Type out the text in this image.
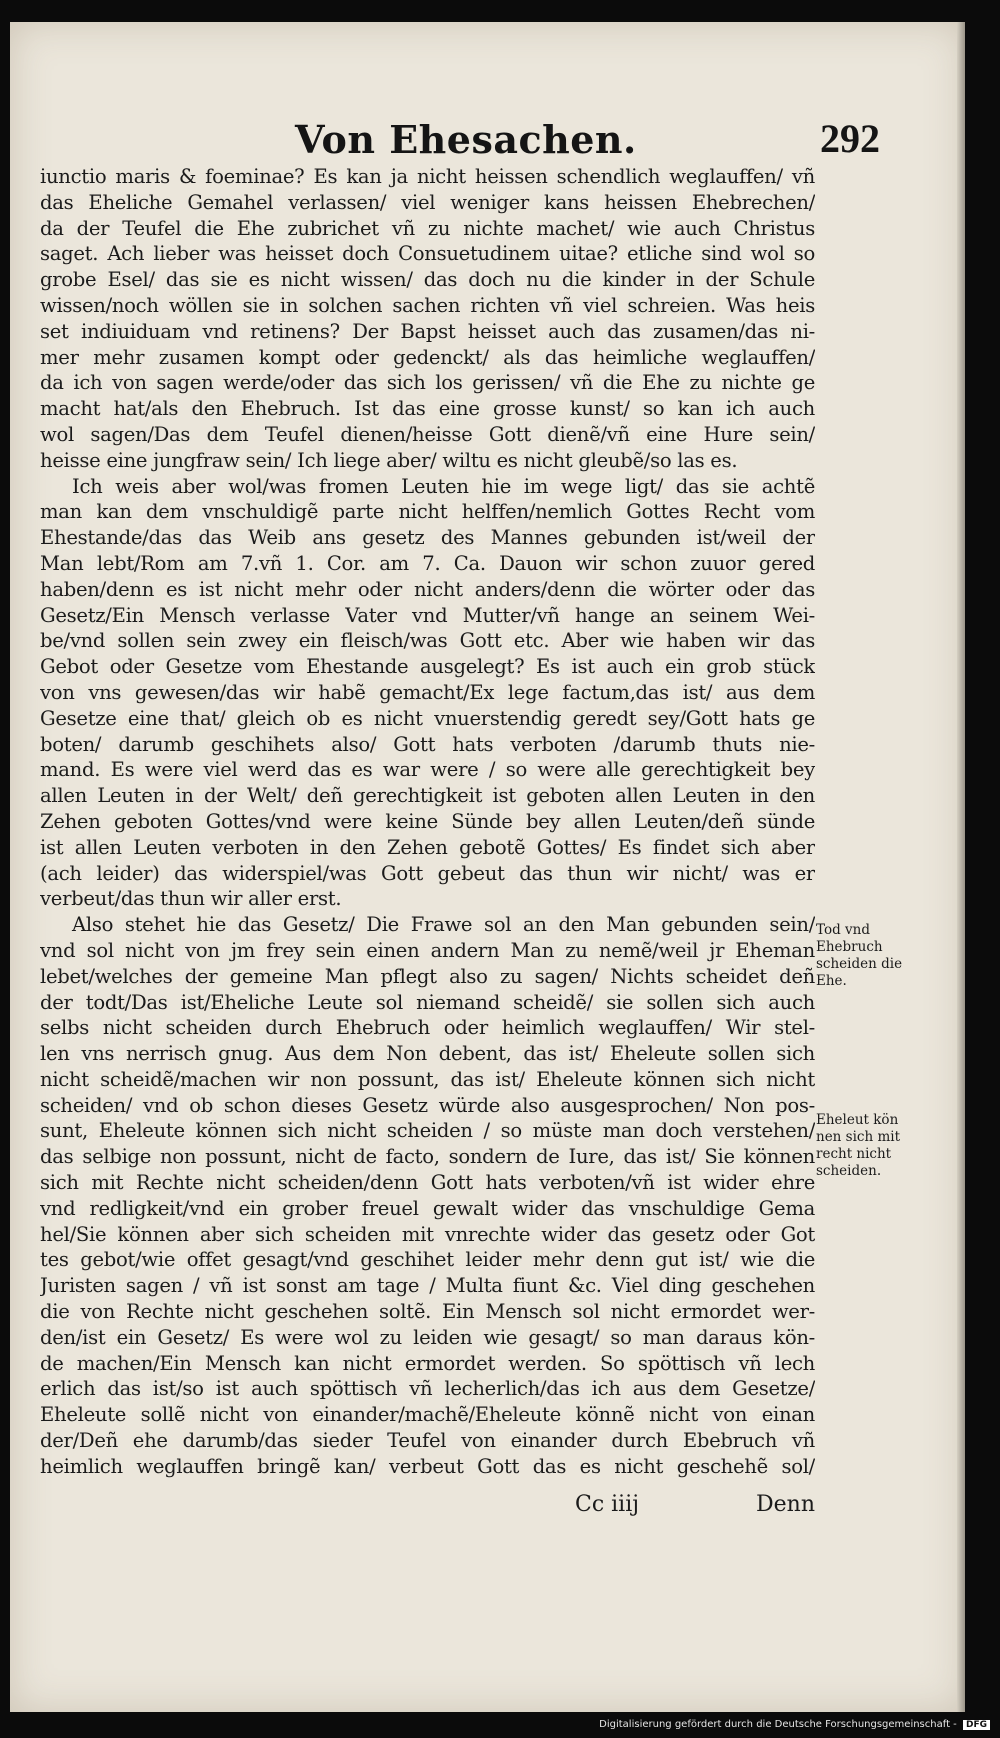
Von Ehesachen.	292
iunctio maris & foeminae? Es kan ja nicht heissen schendlich weglauffen/ vñ
das Eheliche Gemahel verlassen/ viel weniger kans heissen Ehebrechen/
da der Teufel die Ehe zubrichet vñ zu nichte machet/ wie auch Christus
saget. Ach lieber was heisset doch Consuetudinem uitae? etliche sind wol so
grobe Esel/ das sie es nicht wissen/ das doch nu die kinder in der Schule
wissen/noch wöllen sie in solchen sachen richten vñ viel schreien. Was heis
set indiuiduam vnd retinens? Der Bapst heisset auch das zusamen/das ni-
mer mehr zusamen kompt oder gedenckt/ als das heimliche weglauffen/
da ich von sagen werde/oder das sich los gerissen/ vñ die Ehe zu nichte ge
macht hat/als den Ehebruch. Ist das eine grosse kunst/ so kan ich auch
wol sagen/Das dem Teufel dienen/heisse Gott dienẽ/vñ eine Hure sein/
heisse eine jungfraw sein/ Ich liege aber/ wiltu es nicht gleubẽ/so las es.
Ich weis aber wol/was fromen Leuten hie im wege ligt/ das sie achtẽ
man kan dem vnschuldigẽ parte nicht helffen/nemlich Gottes Recht vom
Ehestande/das das Weib ans gesetz des Mannes gebunden ist/weil der
Man lebt/Rom am 7.vñ 1. Cor. am 7. Ca. Dauon wir schon zuuor gered
haben/denn es ist nicht mehr oder nicht anders/denn die wörter oder das
Gesetz/Ein Mensch verlasse Vater vnd Mutter/vñ hange an seinem Wei-
be/vnd sollen sein zwey ein fleisch/was Gott etc. Aber wie haben wir das
Gebot oder Gesetze vom Ehestande ausgelegt? Es ist auch ein grob stück
von vns gewesen/das wir habẽ gemacht/Ex lege factum,das ist/ aus dem
Gesetze eine that/ gleich ob es nicht vnuerstendig geredt sey/Gott hats ge
boten/ darumb geschihets also/ Gott hats verboten /darumb thuts nie-
mand. Es were viel werd das es war were / so were alle gerechtigkeit bey
allen Leuten in der Welt/ deñ gerechtigkeit ist geboten allen Leuten in den
Zehen geboten Gottes/vnd were keine Sünde bey allen Leuten/deñ sünde
ist allen Leuten verboten in den Zehen gebotẽ Gottes/ Es findet sich aber
(ach leider) das widerspiel/was Gott gebeut das thun wir nicht/ was er
verbeut/das thun wir aller erst.
Also stehet hie das Gesetz/ Die Frawe sol an den Man gebunden sein/
vnd sol nicht von jm frey sein einen andern Man zu nemẽ/weil jr Eheman
lebet/welches der gemeine Man pflegt also zu sagen/ Nichts scheidet deñ
der todt/Das ist/Eheliche Leute sol niemand scheidẽ/ sie sollen sich auch
selbs nicht scheiden durch Ehebruch oder heimlich weglauffen/ Wir stel-
len vns nerrisch gnug. Aus dem Non debent, das ist/ Eheleute sollen sich
nicht scheidẽ/machen wir non possunt, das ist/ Eheleute können sich nicht
scheiden/ vnd ob schon dieses Gesetz würde also ausgesprochen/ Non pos-
sunt, Eheleute können sich nicht scheiden / so müste man doch verstehen/
das selbige non possunt, nicht de facto, sondern de Iure, das ist/ Sie können
sich mit Rechte nicht scheiden/denn Gott hats verboten/vñ ist wider ehre
vnd redligkeit/vnd ein grober freuel gewalt wider das vnschuldige Gema
hel/Sie können aber sich scheiden mit vnrechte wider das gesetz oder Got
tes gebot/wie offet gesagt/vnd geschihet leider mehr denn gut ist/ wie die
Juristen sagen / vñ ist sonst am tage / Multa fiunt &c. Viel ding geschehen
die von Rechte nicht geschehen soltẽ. Ein Mensch sol nicht ermordet wer-
den/ist ein Gesetz/ Es were wol zu leiden wie gesagt/ so man daraus kön-
de machen/Ein Mensch kan nicht ermordet werden. So spöttisch vñ lech
erlich das ist/so ist auch spöttisch vñ lecherlich/das ich aus dem Gesetze/
Eheleute sollẽ nicht von einander/machẽ/Eheleute könnẽ nicht von einan
der/Deñ ehe darumb/das sieder Teufel von einander durch Ebebruch vñ
heimlich weglauffen bringẽ kan/ verbeut Gott das es nicht geschehẽ sol/
Tod vnd
Ehebruch
scheiden die
Ehe.
Eheleut kön
nen sich mit
recht nicht
scheiden.
Cc iiij	Denn
Digitalisierung gefördert durch die Deutsche Forschungsgemeinschaft - DFG
